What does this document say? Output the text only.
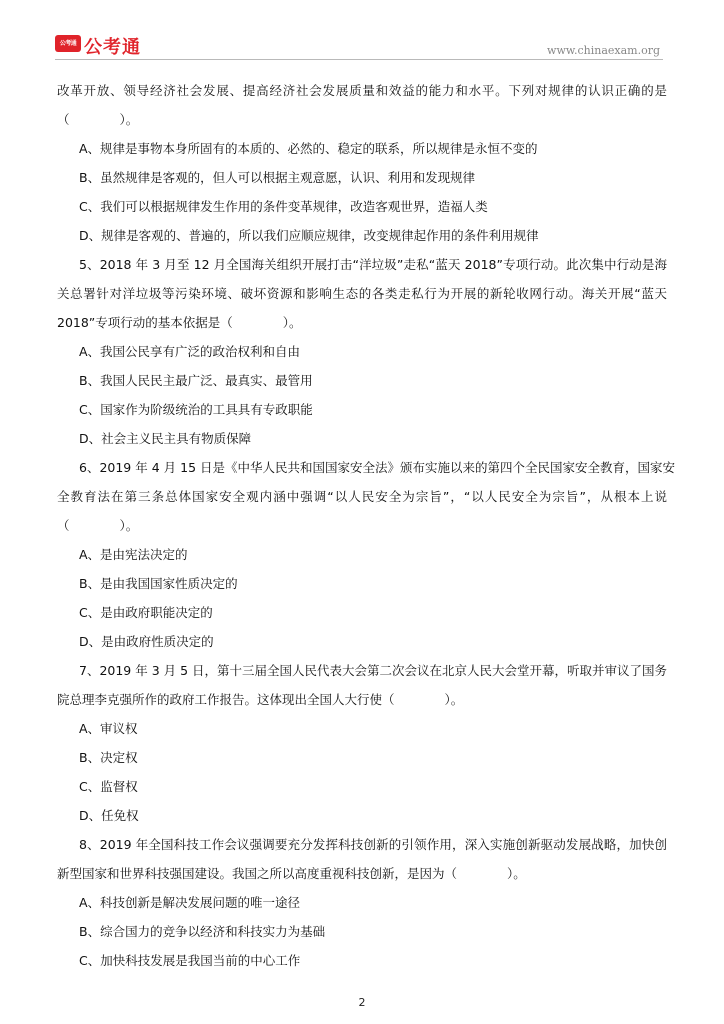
公考通 公考通	www.chinaexam.org
改革开放、领导经济社会发展、提高经济社会发展质量和效益的能力和水平。下列对规律的认识正确的是
（　　　　）。
A、规律是事物本身所固有的本质的、必然的、稳定的联系，所以规律是永恒不变的
B、虽然规律是客观的，但人可以根据主观意愿，认识、利用和发现规律
C、我们可以根据规律发生作用的条件变革规律，改造客观世界，造福人类
D、规律是客观的、普遍的，所以我们应顺应规律，改变规律起作用的条件利用规律
5、2018 年 3 月至 12 月全国海关组织开展打击“洋垃圾”走私“蓝天 2018”专项行动。此次集中行动是海
关总署针对洋垃圾等污染环境、破坏资源和影响生态的各类走私行为开展的新轮收网行动。海关开展“蓝天
2018”专项行动的基本依据是（　　　　）。
A、我国公民享有广泛的政治权利和自由
B、我国人民民主最广泛、最真实、最管用
C、国家作为阶级统治的工具具有专政职能
D、社会主义民主具有物质保障
6、2019 年 4 月 15 日是《中华人民共和国国家安全法》颁布实施以来的第四个全民国家安全教育，国家安
全教育法在第三条总体国家安全观内涵中强调“以人民安全为宗旨”，“以人民安全为宗旨”，从根本上说
（　　　　）。
A、是由宪法决定的
B、是由我国国家性质决定的
C、是由政府职能决定的
D、是由政府性质决定的
7、2019 年 3 月 5 日，第十三届全国人民代表大会第二次会议在北京人民大会堂开幕，听取并审议了国务
院总理李克强所作的政府工作报告。这体现出全国人大行使（　　　　）。
A、审议权
B、决定权
C、监督权
D、任免权
8、2019 年全国科技工作会议强调要充分发挥科技创新的引领作用，深入实施创新驱动发展战略，加快创
新型国家和世界科技强国建设。我国之所以高度重视科技创新，是因为（　　　　）。
A、科技创新是解决发展问题的唯一途径
B、综合国力的竞争以经济和科技实力为基础
C、加快科技发展是我国当前的中心工作
2
